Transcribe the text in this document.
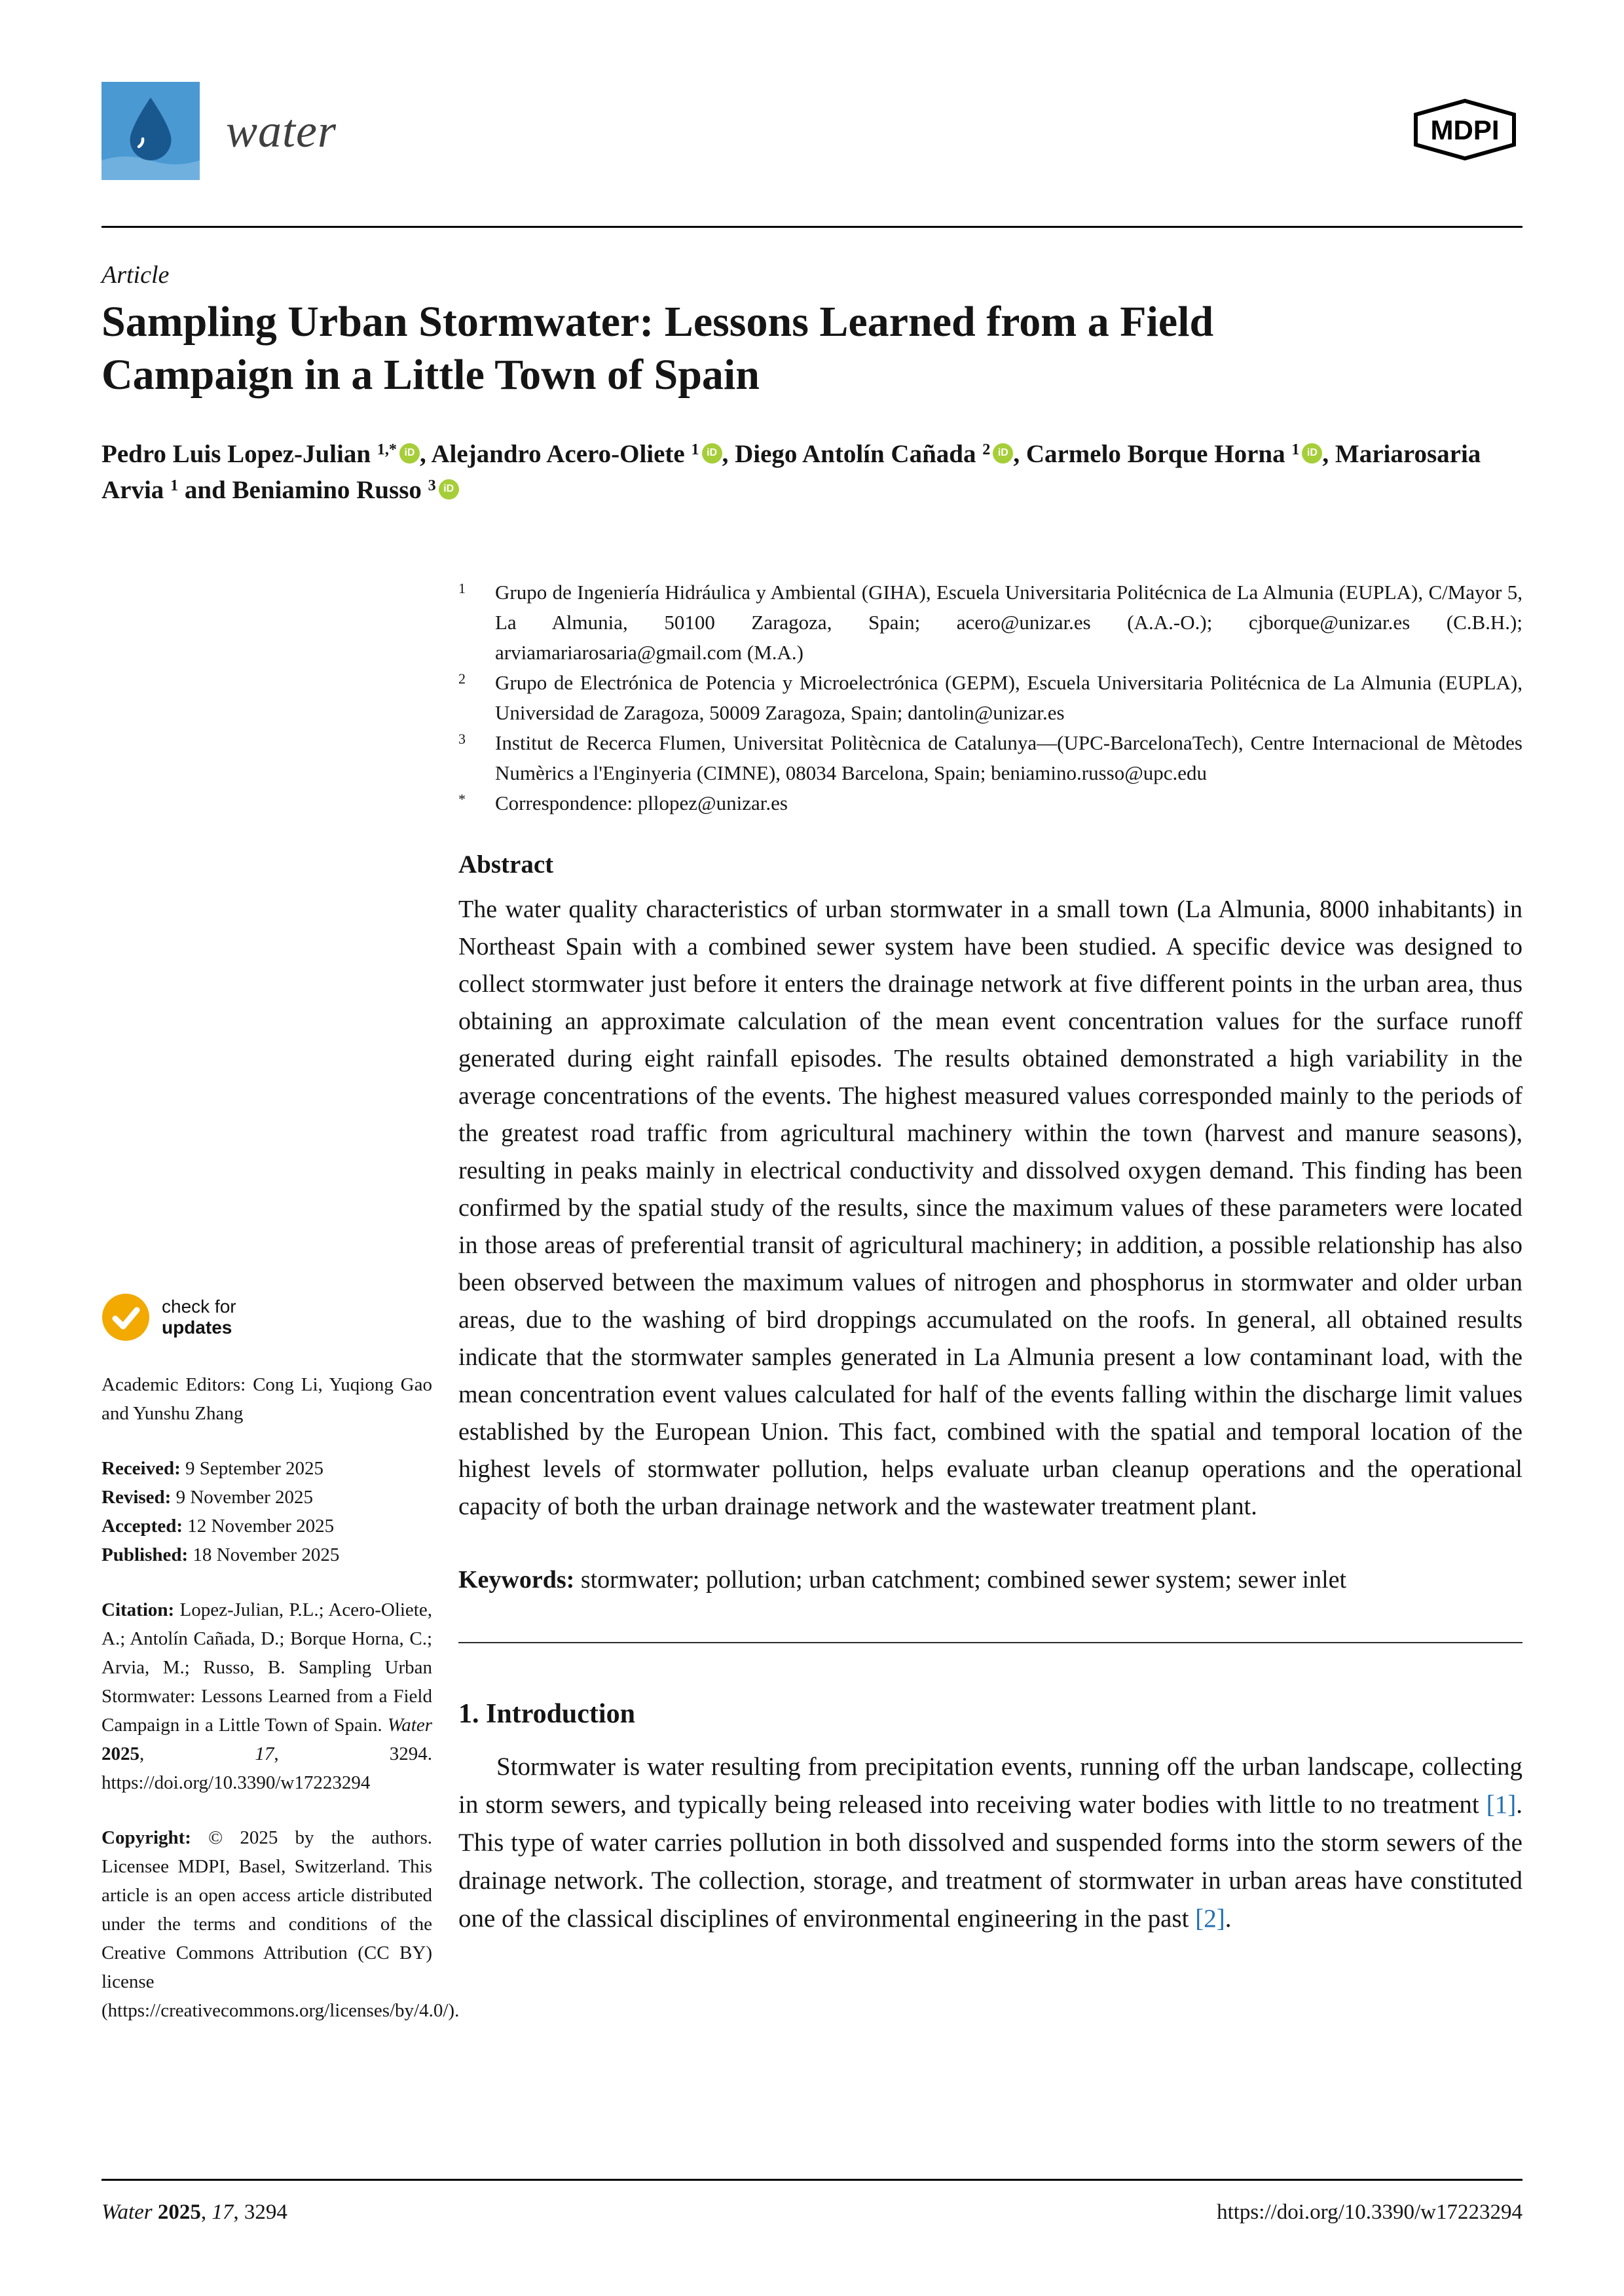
water	MDPI
Article
Sampling Urban Stormwater: Lessons Learned from a Field Campaign in a Little Town of Spain
Pedro Luis Lopez-Julian $^{1,*}$ iD , Alejandro Acero-Oliete $^1$ iD , Diego Antolín Cañada $^2$ iD , Carmelo Borque Horna $^1$ iD , Mariarosaria Arvia $^1$ and Beniamino Russo $^3$ iD
check for
updates
Academic Editors: Cong Li, Yuqiong Gao and Yunshu Zhang
Received: 9 September 2025
Revised: 9 November 2025
Accepted: 12 November 2025
Published: 18 November 2025
Citation: Lopez-Julian, P.L.; Acero-Oliete, A.; Antolín Cañada, D.; Borque Horna, C.; Arvia, M.; Russo, B. Sampling Urban Stormwater: Lessons Learned from a Field Campaign in a Little Town of Spain. Water 2025, 17, 3294. https://doi.org/10.3390/w17223294
Copyright: © 2025 by the authors. Licensee MDPI, Basel, Switzerland. This article is an open access article distributed under the terms and conditions of the Creative Commons Attribution (CC BY) license (https://creativecommons.org/licenses/by/4.0/).
1	Grupo de Ingeniería Hidráulica y Ambiental (GIHA), Escuela Universitaria Politécnica de La Almunia (EUPLA), C/Mayor 5, La Almunia, 50100 Zaragoza, Spain; acero@unizar.es (A.A.-O.); cjborque@unizar.es (C.B.H.); arviamariarosaria@gmail.com (M.A.)
2	Grupo de Electrónica de Potencia y Microelectrónica (GEPM), Escuela Universitaria Politécnica de La Almunia (EUPLA), Universidad de Zaragoza, 50009 Zaragoza, Spain; dantolin@unizar.es
3	Institut de Recerca Flumen, Universitat Politècnica de Catalunya—(UPC-BarcelonaTech), Centre Internacional de Mètodes Numèrics a l'Enginyeria (CIMNE), 08034 Barcelona, Spain; beniamino.russo@upc.edu
*	Correspondence: pllopez@unizar.es
Abstract

The water quality characteristics of urban stormwater in a small town (La Almunia, 8000 inhabitants) in Northeast Spain with a combined sewer system have been studied. A specific device was designed to collect stormwater just before it enters the drainage network at five different points in the urban area, thus obtaining an approximate calculation of the mean event concentration values for the surface runoff generated during eight rainfall episodes. The results obtained demonstrated a high variability in the average concentrations of the events. The highest measured values corresponded mainly to the periods of the greatest road traffic from agricultural machinery within the town (harvest and manure seasons), resulting in peaks mainly in electrical conductivity and dissolved oxygen demand. This finding has been confirmed by the spatial study of the results, since the maximum values of these parameters were located in those areas of preferential transit of agricultural machinery; in addition, a possible relationship has also been observed between the maximum values of nitrogen and phosphorus in stormwater and older urban areas, due to the washing of bird droppings accumulated on the roofs. In general, all obtained results indicate that the stormwater samples generated in La Almunia present a low contaminant load, with the mean concentration event values calculated for half of the events falling within the discharge limit values established by the European Union. This fact, combined with the spatial and temporal location of the highest levels of stormwater pollution, helps evaluate urban cleanup operations and the operational capacity of both the urban drainage network and the wastewater treatment plant.

Keywords: stormwater; pollution; urban catchment; combined sewer system; sewer inlet

1. Introduction

Stormwater is water resulting from precipitation events, running off the urban landscape, collecting in storm sewers, and typically being released into receiving water bodies with little to no treatment [1]. This type of water carries pollution in both dissolved and suspended forms into the storm sewers of the drainage network. The collection, storage, and treatment of stormwater in urban areas have constituted one of the classical disciplines of environmental engineering in the past [2].

Water 2025, 17, 3294	https://doi.org/10.3390/w17223294
